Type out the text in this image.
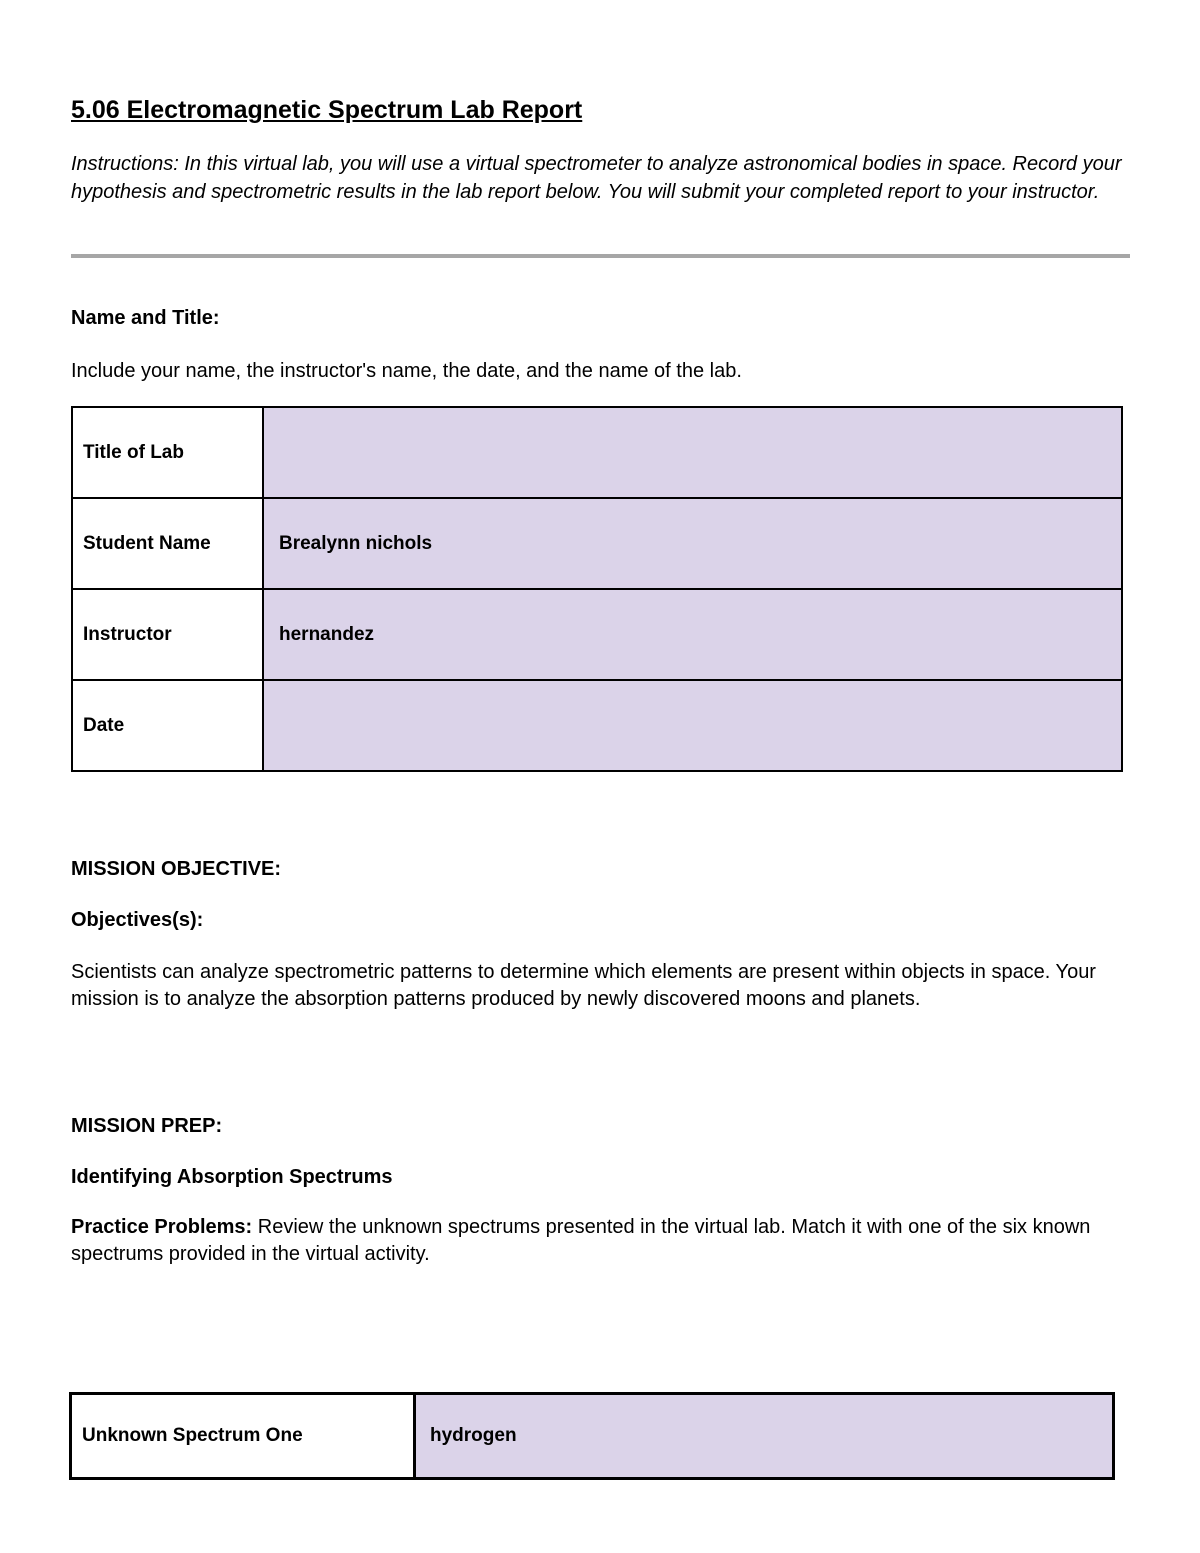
5.06 Electromagnetic Spectrum Lab Report
Instructions: In this virtual lab, you will use a virtual spectrometer to analyze astronomical bodies in space. Record your hypothesis and spectrometric results in the lab report below. You will submit your completed report to your instructor.
Name and Title:
Include your name, the instructor's name, the date, and the name of the lab.
Title of Lab	
Student Name	Brealynn nichols
Instructor	hernandez
Date	
MISSION OBJECTIVE:
Objectives(s):
Scientists can analyze spectrometric patterns to determine which elements are present within objects in space. Your mission is to analyze the absorption patterns produced by newly discovered moons and planets.
MISSION PREP:
Identifying Absorption Spectrums
Practice Problems: Review the unknown spectrums presented in the virtual lab. Match it with one of the six known spectrums provided in the virtual activity.
Unknown Spectrum One	hydrogen
